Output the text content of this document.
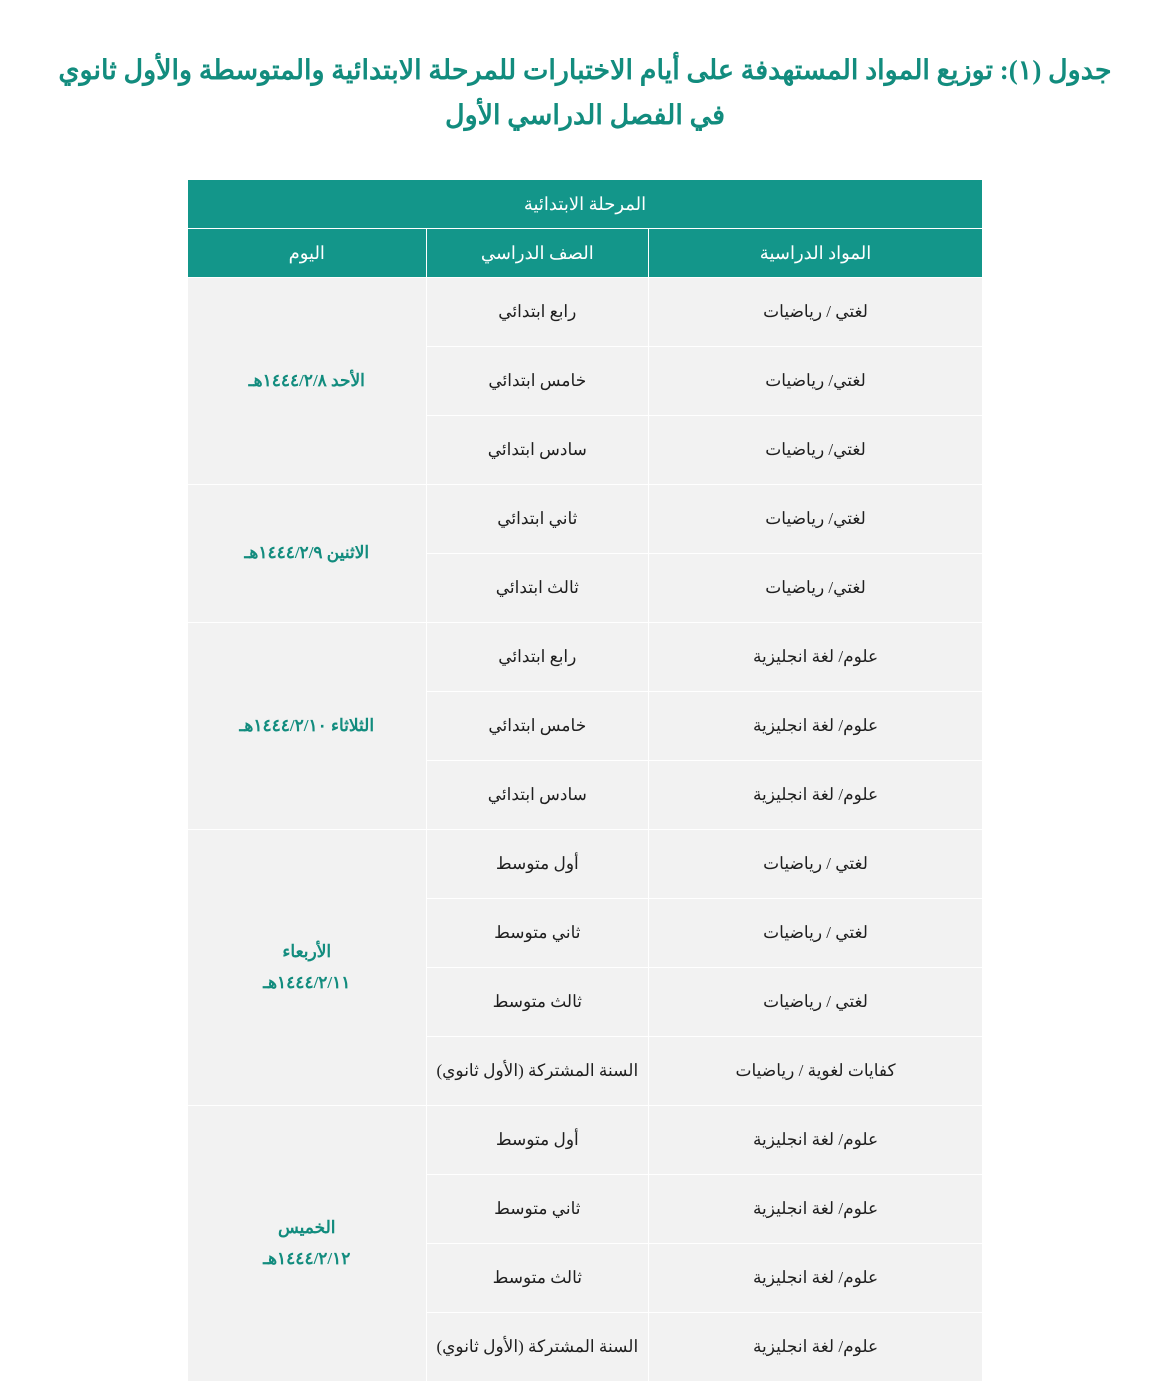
جدول (١): توزيع المواد المستهدفة على أيام الاختبارات للمرحلة الابتدائية والمتوسطة والأول ثانوي في الفصل الدراسي الأول
المرحلة الابتدائية		
المواد الدراسية	الصف الدراسي	اليوم
لغتي / رياضيات	رابع ابتدائي	الأحد ١٤٤٤/٢/٨هـ

لغتي/ رياضيات	خامس ابتدائي	
لغتي/ رياضيات	سادس ابتدائي	
لغتي/ رياضيات	ثاني ابتدائي	الاثنين ١٤٤٤/٢/٩هـ

لغتي/ رياضيات	ثالث ابتدائي	
علوم/ لغة انجليزية	رابع ابتدائي	الثلاثاء ١٤٤٤/٢/١٠هـ

علوم/ لغة انجليزية	خامس ابتدائي	
علوم/ لغة انجليزية	سادس ابتدائي	
لغتي / رياضيات	أول متوسط	الأربعاء
١٤٤٤/٢/١١هـ

لغتي / رياضيات	ثاني متوسط	
لغتي / رياضيات	ثالث متوسط	
كفايات لغوية / رياضيات	السنة المشتركة (الأول ثانوي)	
علوم/ لغة انجليزية	أول متوسط	الخميس
١٤٤٤/٢/١٢هـ

علوم/ لغة انجليزية	ثاني متوسط	
علوم/ لغة انجليزية	ثالث متوسط	
علوم/ لغة انجليزية	السنة المشتركة (الأول ثانوي)	
